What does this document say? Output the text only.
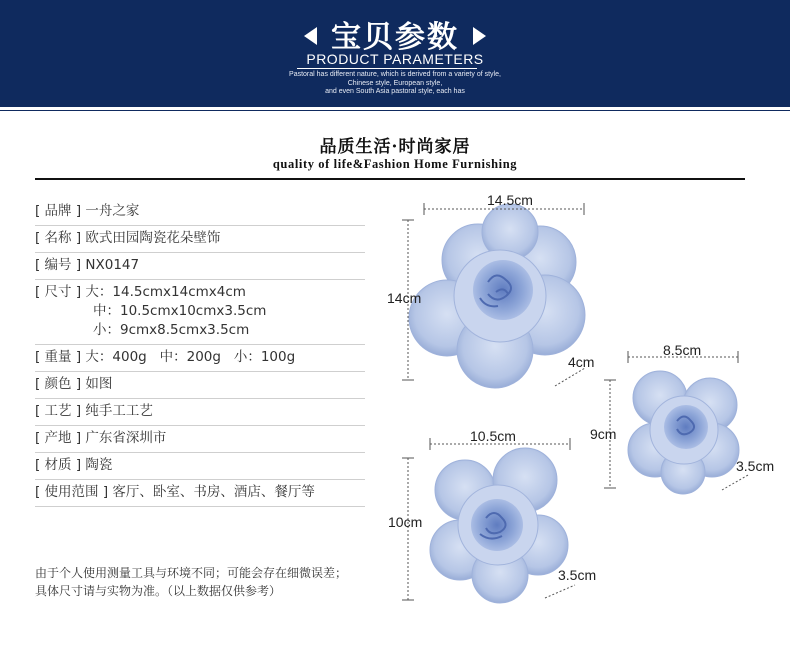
宝贝参数
PRODUCT PARAMETERS
Pastoral has different nature, which is derived from a variety of style,
Chinese style, European style,
and even South Asia pastoral style, each has
品质生活·时尚家居
quality of life&Fashion Home Furnishing
[ 品牌 ] 一舟之家
[ 名称 ] 欧式田园陶瓷花朵壁饰
[ 编号 ] NX0147
[ 尺寸 ] 大：14.5cmx14cmx4cm
中：10.5cmx10cmx3.5cm
小：9cmx8.5cmx3.5cm
[ 重量 ] 大：400g   中：200g   小：100g
[ 颜色 ] 如图
[ 工艺 ] 纯手工工艺
[ 产地 ] 广东省深圳市
[ 材质 ] 陶瓷
[ 使用范围 ] 客厅、卧室、书房、酒店、餐厅等
由于个人使用测量工具与环境不同；可能会存在细微误差；
具体尺寸请与实物为准。（以上数据仅供参考）
14.5cm
14cm
4cm
10.5cm
10cm
3.5cm
8.5cm
9cm
3.5cm
